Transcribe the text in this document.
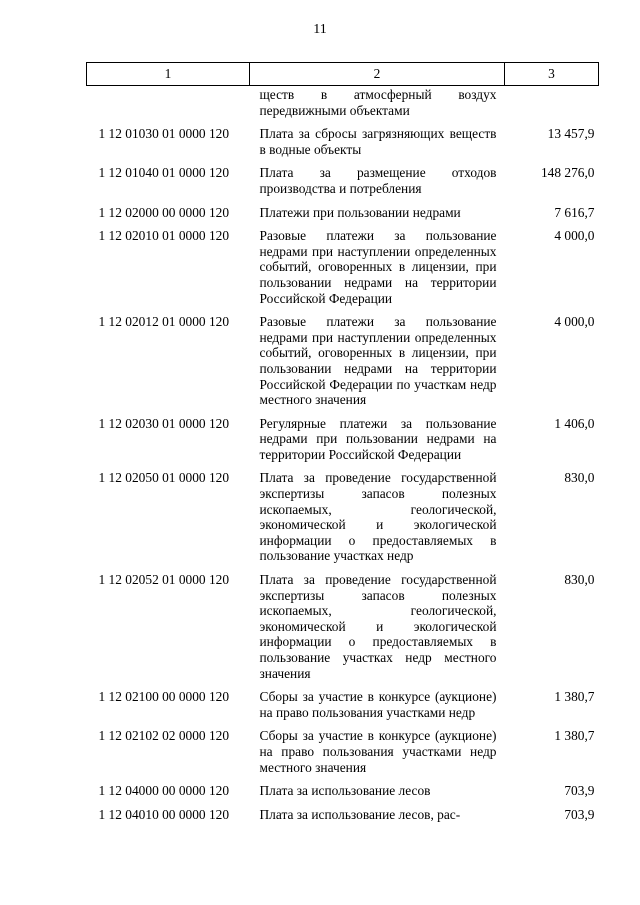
11
1	2	3
	ществ в атмосферный воздух передвижными объектами	
1 12 01030 01 0000 120	Плата за сбросы загрязняющих веществ в водные объекты	13 457,9
1 12 01040 01 0000 120	Плата за размещение отходов производства и потребления	148 276,0
1 12 02000 00 0000 120	Платежи при пользовании недрами	7 616,7
1 12 02010 01 0000 120	Разовые платежи за пользование недрами при наступлении определенных событий, оговоренных в лицензии, при пользовании недрами на территории Российской Федерации	4 000,0
1 12 02012 01 0000 120	Разовые платежи за пользование недрами при наступлении определенных событий, оговоренных в лицензии, при пользовании недрами на территории Российской Федерации по участкам недр местного значения	4 000,0
1 12 02030 01 0000 120	Регулярные платежи за пользование недрами при пользовании недрами на территории Российской Федерации	1 406,0
1 12 02050 01 0000 120	Плата за проведение государственной экспертизы запасов полезных ископаемых, геологической, экономической и экологической информации о предоставляемых в пользование участках недр	830,0
1 12 02052 01 0000 120	Плата за проведение государственной экспертизы запасов полезных ископаемых, геологической, экономической и экологической информации о предоставляемых в пользование участках недр местного значения	830,0
1 12 02100 00 0000 120	Сборы за участие в конкурсе (аукционе) на право пользования участками недр	1 380,7
1 12 02102 02 0000 120	Сборы за участие в конкурсе (аукционе) на право пользования участками недр местного значения	1 380,7
1 12 04000 00 0000 120	Плата за использование лесов	703,9
1 12 04010 00 0000 120	Плата за использование лесов, рас-	703,9
